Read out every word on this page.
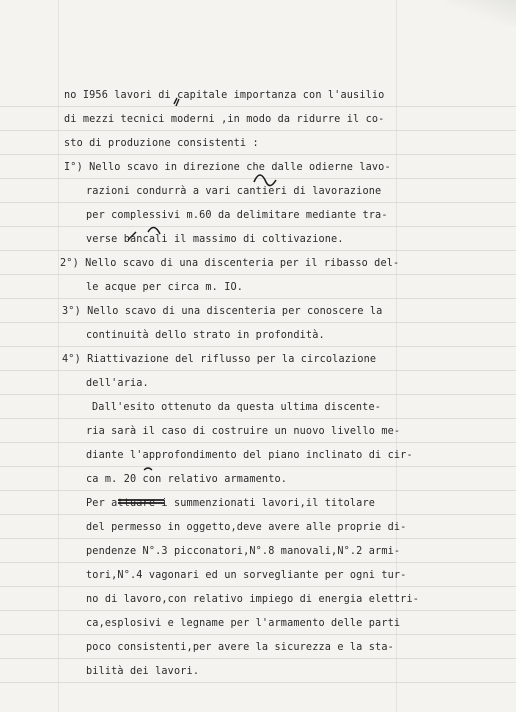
no I956 lavori di capitale importanza con l'ausilio
di mezzi tecnici moderni ,in modo da ridurre il co-
sto di produzione consistenti :
I°) Nello scavo in direzione che dalle odierne lavo-
razioni condurrà a vari cantieri di lavorazione
per complessivi m.60 da delimitare mediante tra-
verse bancali il massimo di coltivazione.
2°) Nello scavo di una discenteria per il ribasso del-
le acque per circa m. IO.
3°) Nello scavo di una discenteria per conoscere la
continuità dello strato in profondità.
4°) Riattivazione del riflusso per la circolazione
dell'aria.
Dall'esito ottenuto da questa ultima discente-
ria sarà il caso di costruire un nuovo livello me-
diante l'approfondimento del piano inclinato di cir-
ca m. 20 con relativo armamento.
Per attuare i summenzionati lavori,il titolare
del permesso in oggetto,deve avere alle proprie di-
pendenze N°.3 picconatori,N°.8 manovali,N°.2 armi-
tori,N°.4 vagonari ed un sorvegliante per ogni tur-
no di lavoro,con relativo impiego di energia elettri-
ca,esplosivi e legname per l'armamento delle parti
poco consistenti,per avere la sicurezza e la sta-
bilità dei lavori.
